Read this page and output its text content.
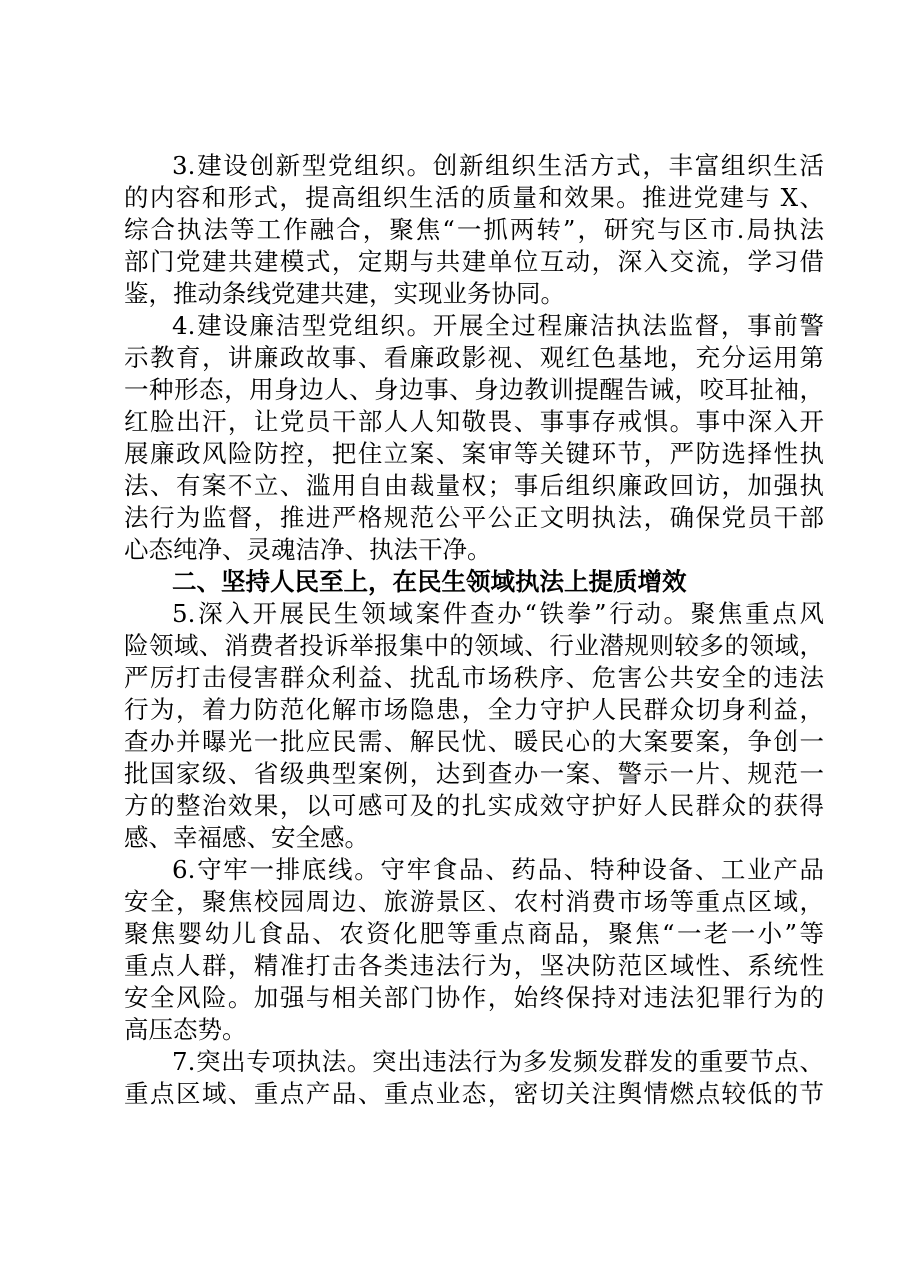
3.建设创新型党组织。创新组织生活方式，丰富组织生活
的内容和形式，提高组织生活的质量和效果。推进党建与 X、
综合执法等工作融合，聚焦“一抓两转”，研究与区市.局执法
部门党建共建模式，定期与共建单位互动，深入交流，学习借
鉴，推动条线党建共建，实现业务协同。
4.建设廉洁型党组织。开展全过程廉洁执法监督，事前警
示教育，讲廉政故事、看廉政影视、观红色基地，充分运用第
一种形态，用身边人、身边事、身边教训提醒告诫，咬耳扯袖，
红脸出汗，让党员干部人人知敬畏、事事存戒惧。事中深入开
展廉政风险防控，把住立案、案审等关键环节，严防选择性执
法、有案不立、滥用自由裁量权；事后组织廉政回访，加强执
法行为监督，推进严格规范公平公正文明执法，确保党员干部
心态纯净、灵魂洁净、执法干净。
二、坚持人民至上，在民生领域执法上提质增效
5.深入开展民生领域案件查办“铁拳”行动。聚焦重点风
险领域、消费者投诉举报集中的领域、行业潜规则较多的领域，
严厉打击侵害群众利益、扰乱市场秩序、危害公共安全的违法
行为，着力防范化解市场隐患，全力守护人民群众切身利益，
查办并曝光一批应民需、解民忧、暖民心的大案要案，争创一
批国家级、省级典型案例，达到查办一案、警示一片、规范一
方的整治效果，以可感可及的扎实成效守护好人民群众的获得
感、幸福感、安全感。
6.守牢一排底线。守牢食品、药品、特种设备、工业产品
安全，聚焦校园周边、旅游景区、农村消费市场等重点区域，
聚焦婴幼儿食品、农资化肥等重点商品，聚焦“一老一小”等
重点人群，精准打击各类违法行为，坚决防范区域性、系统性
安全风险。加强与相关部门协作，始终保持对违法犯罪行为的
高压态势。
7.突出专项执法。突出违法行为多发频发群发的重要节点、
重点区域、重点产品、重点业态，密切关注舆情燃点较低的节
